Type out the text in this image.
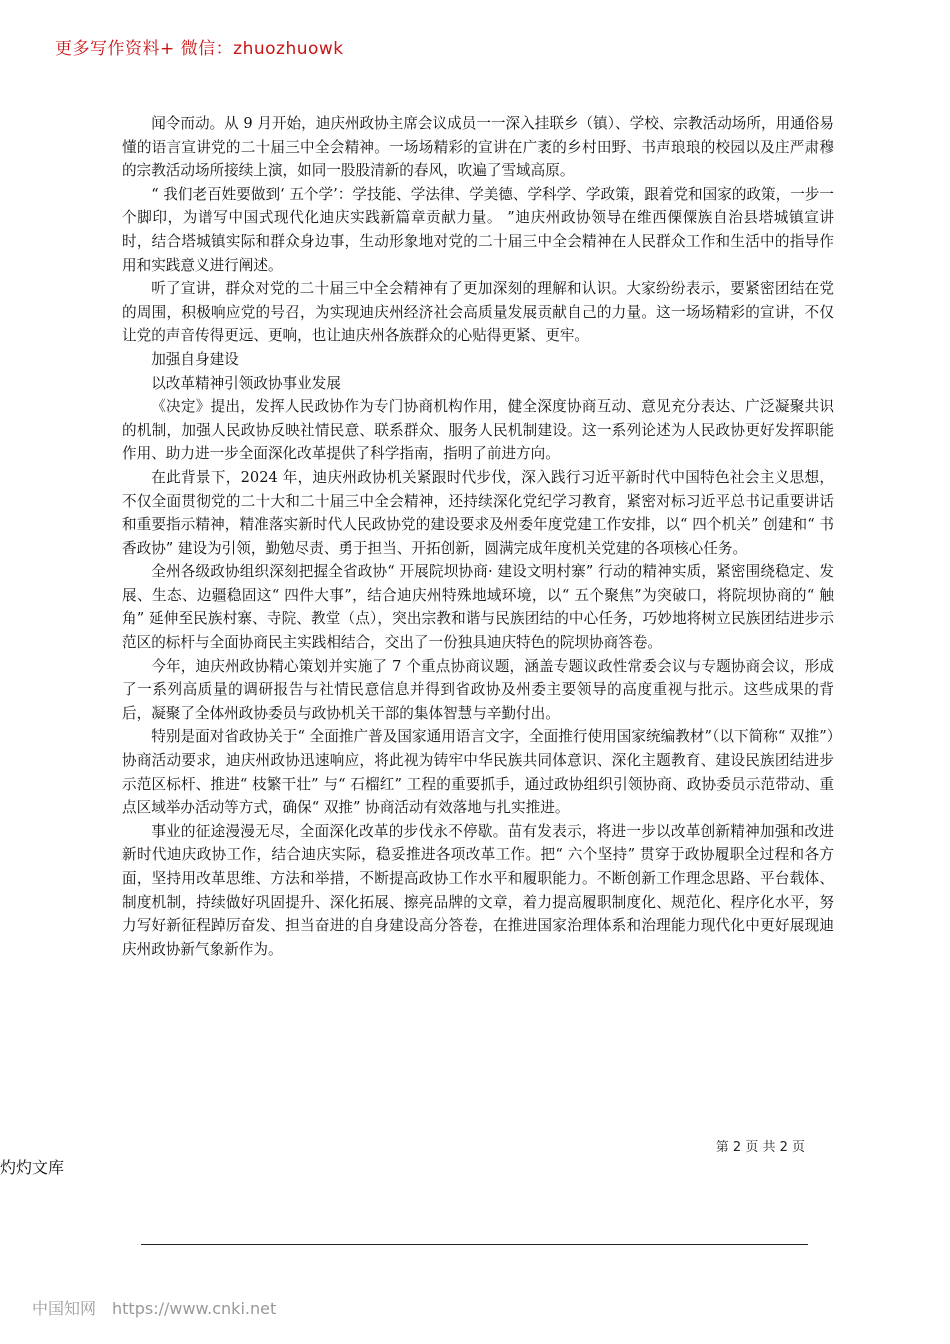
更多写作资料+ 微信：zhuozhuowk

闻令而动。从 9 月开始，迪庆州政协主席会议成员一一深入挂联乡（镇）、学校、宗教活动场所，用通俗易懂的语言宣讲党的二十届三中全会精神。一场场精彩的宣讲在广袤的乡村田野、书声琅琅的校园以及庄严肃穆的宗教活动场所接续上演，如同一股股清新的春风，吹遍了雪域高原。

“ 我们老百姓要做到‘ 五个学’：学技能、学法律、学美德、学科学、学政策，跟着党和国家的政策，一步一个脚印，为谱写中国式现代化迪庆实践新篇章贡献力量。 ”迪庆州政协领导在维西傈僳族自治县塔城镇宣讲时，结合塔城镇实际和群众身边事，生动形象地对党的二十届三中全会精神在人民群众工作和生活中的指导作用和实践意义进行阐述。

听了宣讲，群众对党的二十届三中全会精神有了更加深刻的理解和认识。大家纷纷表示，要紧密团结在党的周围，积极响应党的号召，为实现迪庆州经济社会高质量发展贡献自己的力量。这一场场精彩的宣讲，不仅让党的声音传得更远、更响，也让迪庆州各族群众的心贴得更紧、更牢。

加强自身建设

以改革精神引领政协事业发展

《决定》提出，发挥人民政协作为专门协商机构作用，健全深度协商互动、意见充分表达、广泛凝聚共识的机制，加强人民政协反映社情民意、联系群众、服务人民机制建设。这一系列论述为人民政协更好发挥职能作用、助力进一步全面深化改革提供了科学指南，指明了前进方向。

在此背景下，2024 年，迪庆州政协机关紧跟时代步伐，深入践行习近平新时代中国特色社会主义思想，不仅全面贯彻党的二十大和二十届三中全会精神，还持续深化党纪学习教育，紧密对标习近平总书记重要讲话和重要指示精神，精准落实新时代人民政协党的建设要求及州委年度党建工作安排，以“ 四个机关” 创建和“ 书香政协” 建设为引领，勤勉尽责、勇于担当、开拓创新，圆满完成年度机关党建的各项核心任务。

全州各级政协组织深刻把握全省政协“ 开展院坝协商· 建设文明村寨” 行动的精神实质，紧密围绕稳定、发展、生态、边疆稳固这“ 四件大事”，结合迪庆州特殊地域环境，以“ 五个聚焦”为突破口，将院坝协商的“ 触角” 延伸至民族村寨、寺院、教堂（点），突出宗教和谐与民族团结的中心任务，巧妙地将树立民族团结进步示范区的标杆与全面协商民主实践相结合，交出了一份独具迪庆特色的院坝协商答卷。

今年，迪庆州政协精心策划并实施了 7 个重点协商议题，涵盖专题议政性常委会议与专题协商会议，形成了一系列高质量的调研报告与社情民意信息并得到省政协及州委主要领导的高度重视与批示。这些成果的背后，凝聚了全体州政协委员与政协机关干部的集体智慧与辛勤付出。

特别是面对省政协关于“ 全面推广普及国家通用语言文字，全面推行使用国家统编教材”（以下简称“ 双推”）协商活动要求，迪庆州政协迅速响应，将此视为铸牢中华民族共同体意识、深化主题教育、建设民族团结进步示范区标杆、推进“ 枝繁干壮” 与“ 石榴红” 工程的重要抓手，通过政协组织引领协商、政协委员示范带动、重点区域举办活动等方式，确保“ 双推” 协商活动有效落地与扎实推进。

事业的征途漫漫无尽，全面深化改革的步伐永不停歇。苗有发表示，将进一步以改革创新精神加强和改进新时代迪庆政协工作，结合迪庆实际，稳妥推进各项改革工作。把“ 六个坚持” 贯穿于政协履职全过程和各方面，坚持用改革思维、方法和举措，不断提高政协工作水平和履职能力。不断创新工作理念思路、平台载体、制度机制，持续做好巩固提升、深化拓展、擦亮品牌的文章，着力提高履职制度化、规范化、程序化水平，努力写好新征程踔厉奋发、担当奋进的自身建设高分答卷，在推进国家治理体系和治理能力现代化中更好展现迪庆州政协新气象新作为。

第 2 页 共 2 页
灼灼文库
中国知网 https://www.cnki.net
